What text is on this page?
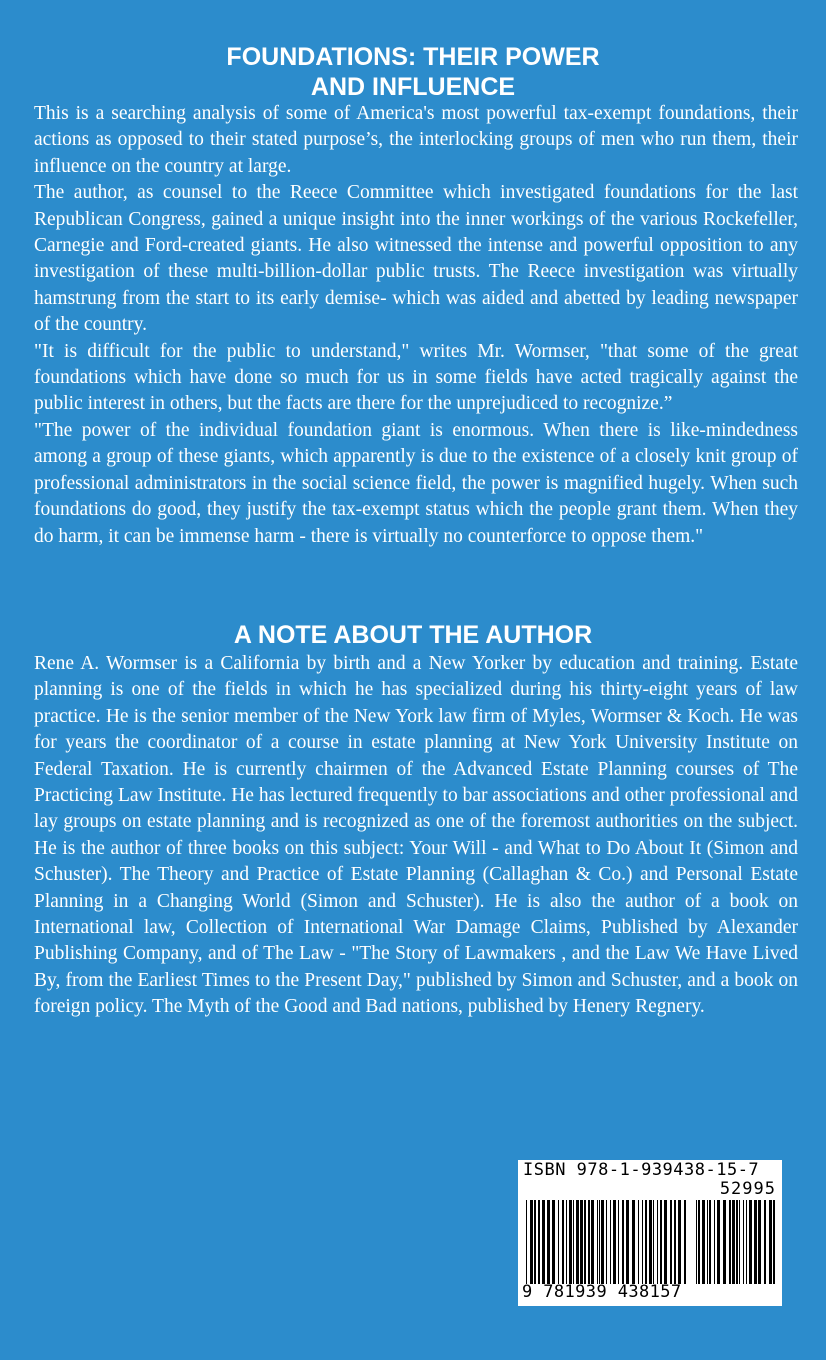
FOUNDATIONS: THEIR POWER
AND INFLUENCE

This is a searching analysis of some of America's most powerful tax-exempt foundations, their actions as opposed to their stated purpose’s, the interlocking groups of men who run them, their influence on the country at large.

The author, as counsel to the Reece Committee which investigated foundations for the last Republican Congress, gained a unique insight into the inner workings of the various Rockefeller, Carnegie and Ford-created giants. He also witnessed the intense and powerful opposition to any investigation of these multi-billion-dollar public trusts. The Reece investigation was virtually hamstrung from the start to its early demise- which was aided and abetted by leading newspaper of the country.

"It is difficult for the public to understand," writes Mr. Wormser, "that some of the great foundations which have done so much for us in some fields have acted tragically against the public interest in others, but the facts are there for the unprejudiced to recognize.”

"The power of the individual foundation giant is enormous. When there is like-mindedness among a group of these giants, which apparently is due to the existence of a closely knit group of professional administrators in the social science field, the power is magnified hugely. When such foundations do good, they justify the tax-exempt status which the people grant them. When they do harm, it can be immense harm - there is virtually no counterforce to oppose them."

A NOTE ABOUT THE AUTHOR

Rene A. Wormser is a California by birth and a New Yorker by education and training. Estate planning is one of the fields in which he has specialized during his thirty-eight years of law practice. He is the senior member of the New York law firm of Myles, Wormser & Koch. He was for years the coordinator of a course in estate planning at New York University Institute on Federal Taxation. He is currently chairmen of the Advanced Estate Planning courses of The Practicing Law Institute. He has lectured frequently to bar associations and other professional and lay groups on estate planning and is recognized as one of the foremost authorities on the subject. He is the author of three books on this subject: Your Will - and What to Do About It (Simon and Schuster). The Theory and Practice of Estate Planning (Callaghan & Co.) and Personal Estate Planning in a Changing World (Simon and Schuster). He is also the author of a book on International law, Collection of International War Damage Claims, Published by Alexander Publishing Company, and of The Law - "The Story of Lawmakers , and the Law We Have Lived By, from the Earliest Times to the Present Day," published by Simon and Schuster, and a book on foreign policy. The Myth of the Good and Bad nations, published by Henery Regnery.

ISBN 978-1-939438-15-7
52995
9 781939 438157
